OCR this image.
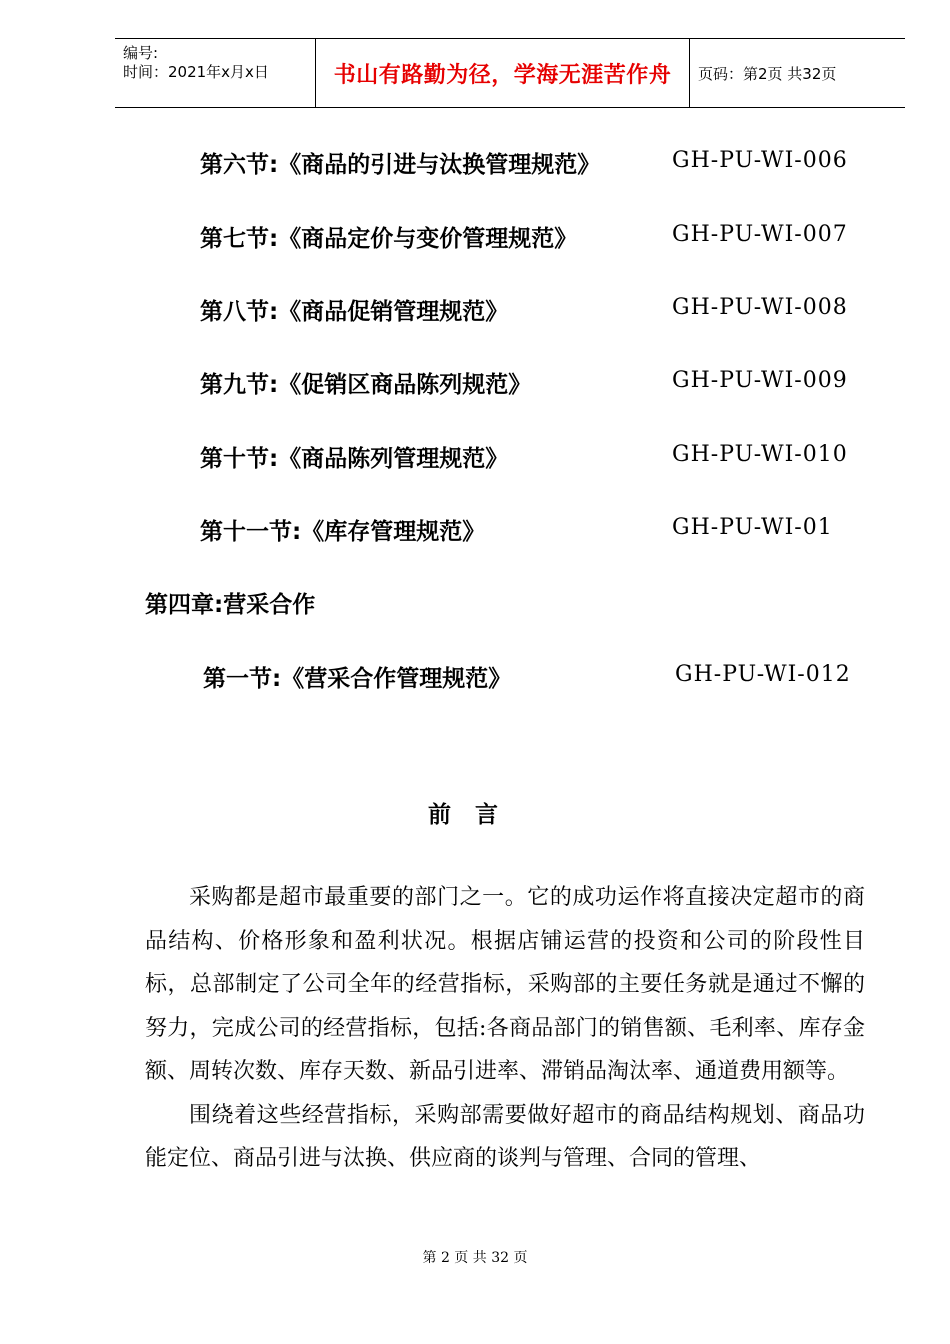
编号:
时间：2021年x月x日	书山有路勤为径，学海无涯苦作舟	页码：第2页 共32页
第六节:《商品的引进与汰换管理规范》	GH-PU-WI-006
第七节:《商品定价与变价管理规范》	GH-PU-WI-007
第八节:《商品促销管理规范》	GH-PU-WI-008
第九节:《促销区商品陈列规范》	GH-PU-WI-009
第十节:《商品陈列管理规范》	GH-PU-WI-010
第十一节:《库存管理规范》	GH-PU-WI-01
第四章:营采合作
第一节:《营采合作管理规范》	GH-PU-WI-012
前言

采购都是超市最重要的部门之一。它的成功运作将直接决定超市的商品结构、价格形象和盈利状况。根据店铺运营的投资和公司的阶段性目标，总部制定了公司全年的经营指标，采购部的主要任务就是通过不懈的努力，完成公司的经营指标，包括:各商品部门的销售额、毛利率、库存金额、周转次数、库存天数、新品引进率、滞销品淘汰率、通道费用额等。

围绕着这些经营指标，采购部需要做好超市的商品结构规划、商品功能定位、商品引进与汰换、供应商的谈判与管理、合同的管理、

第 2 页 共 32 页
